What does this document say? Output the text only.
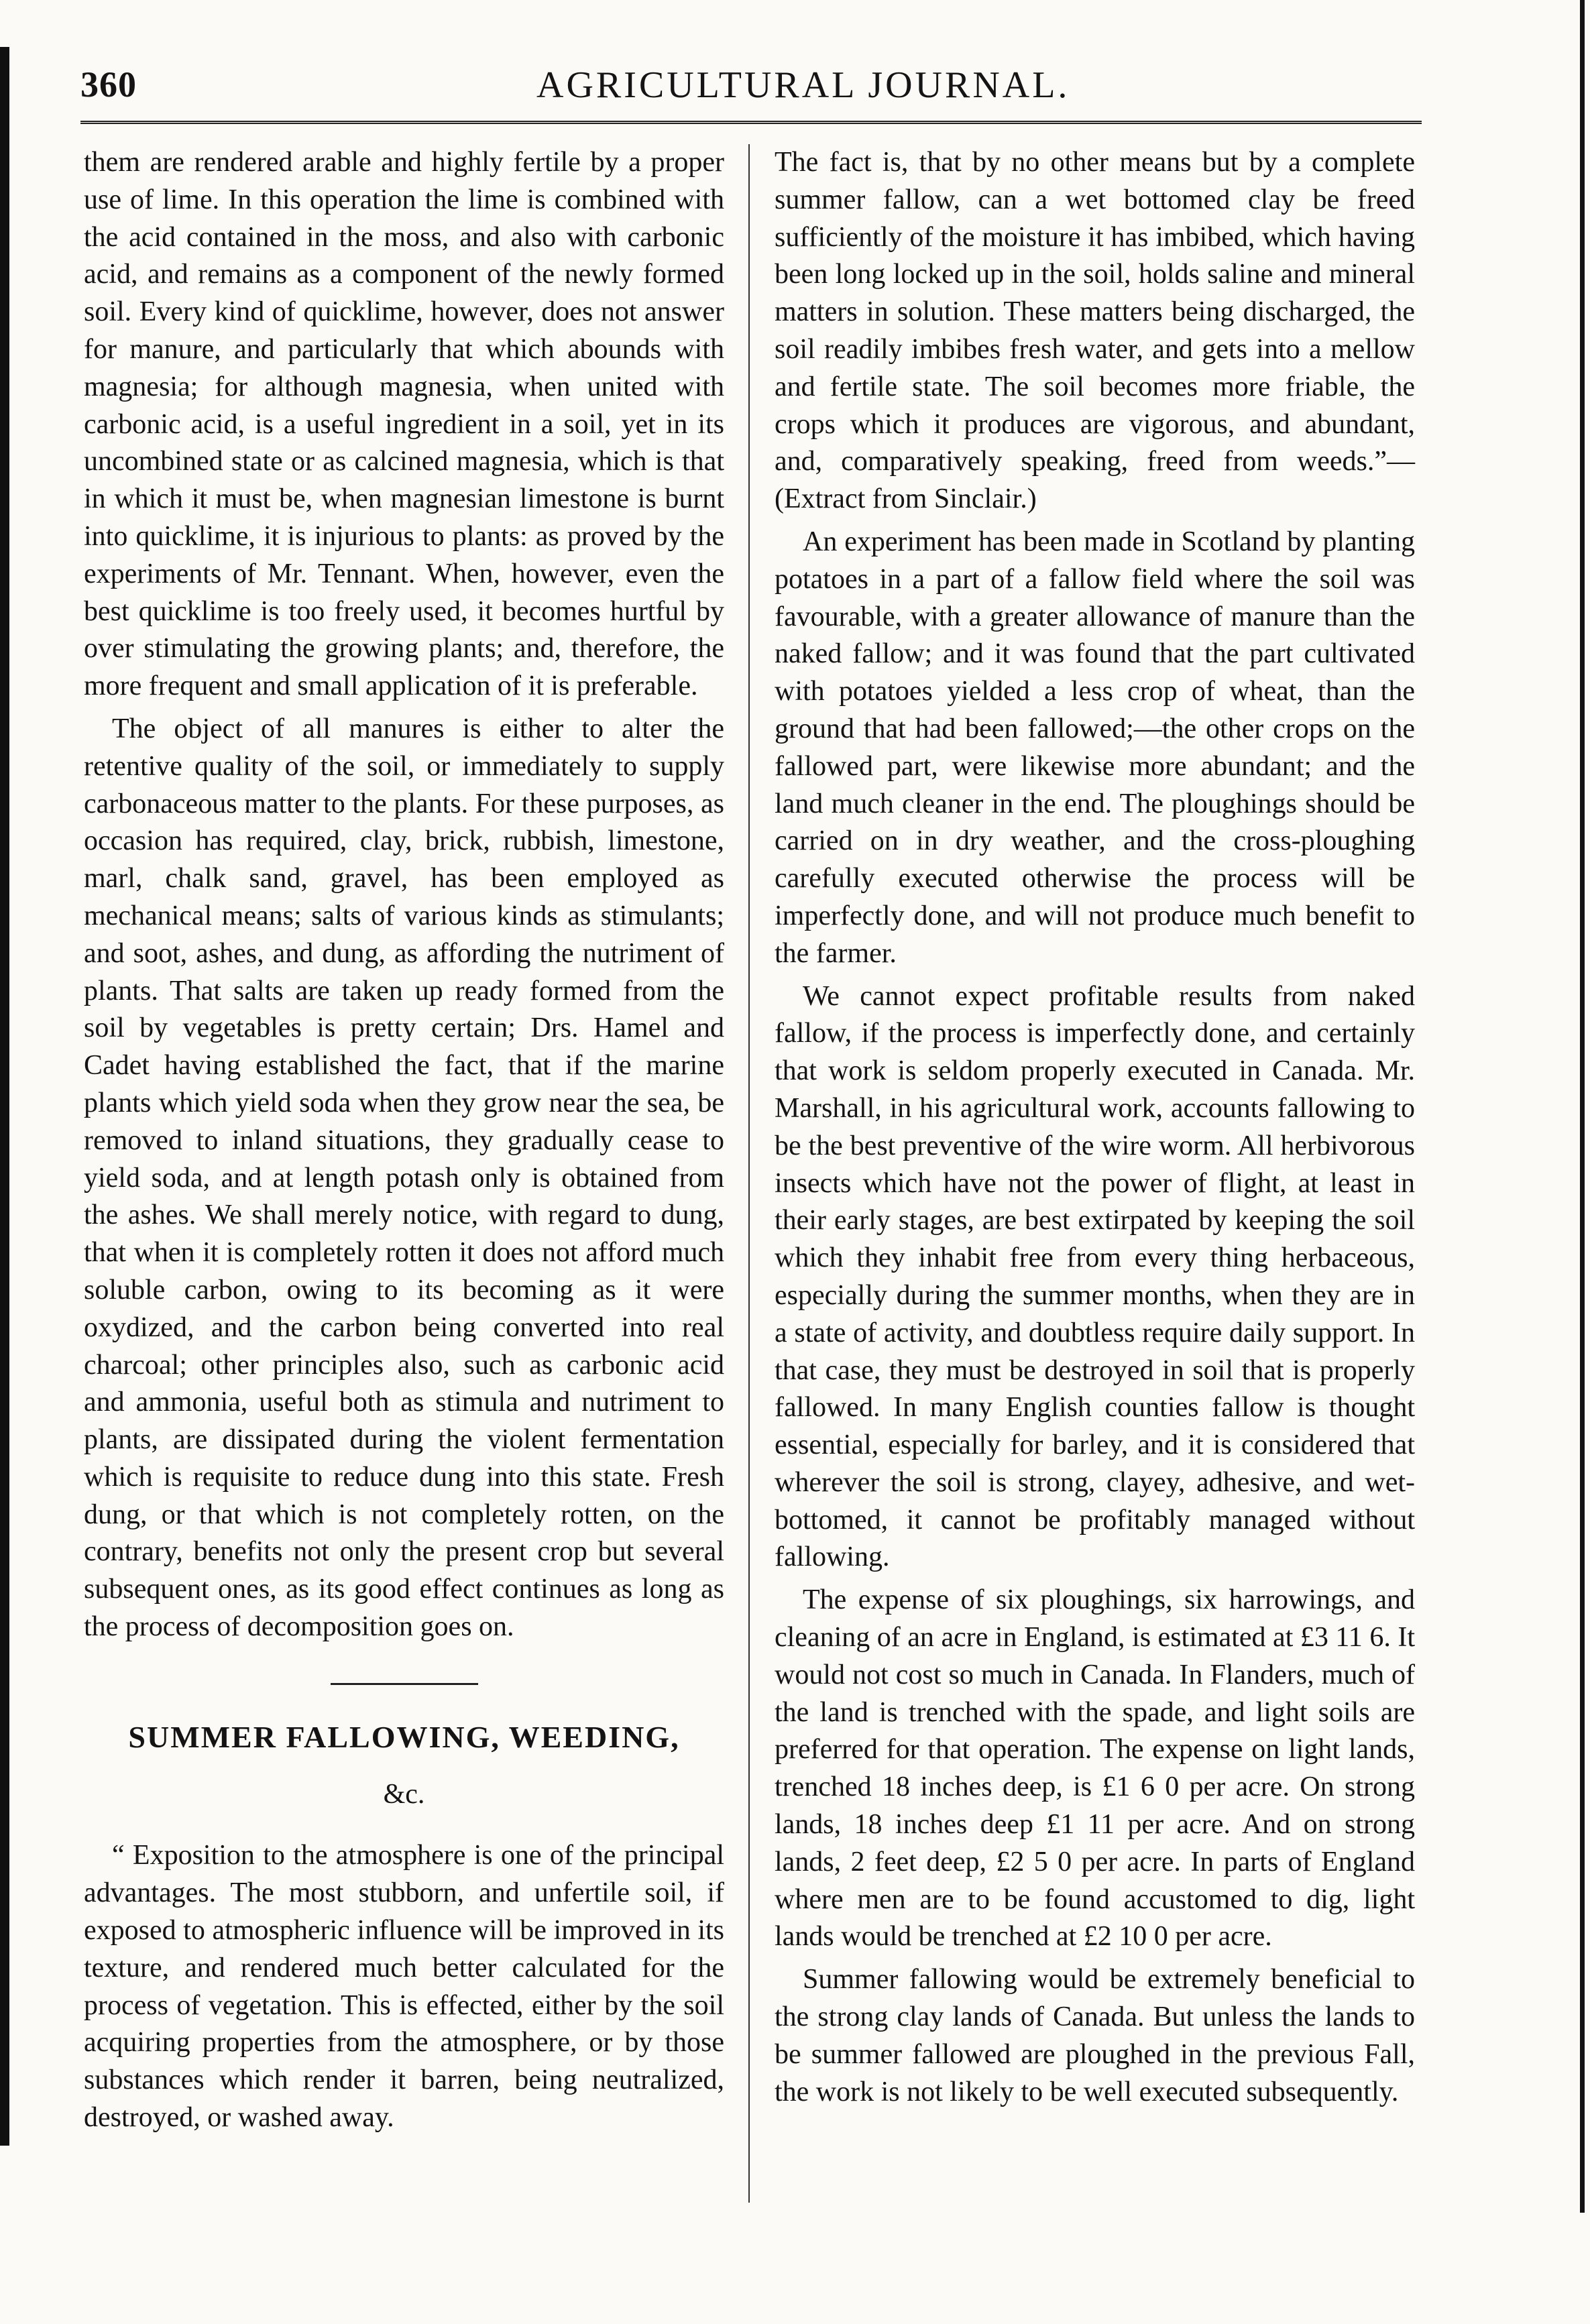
360	AGRICULTURAL JOURNAL.

them are rendered arable and highly fertile by a proper use of lime. In this operation the lime is combined with the acid contained in the moss, and also with carbonic acid, and remains as a component of the newly formed soil. Every kind of quicklime, however, does not answer for manure, and particularly that which abounds with magnesia; for although magnesia, when united with carbonic acid, is a useful ingredient in a soil, yet in its uncombined state or as calcined magnesia, which is that in which it must be, when magnesian limestone is burnt into quicklime, it is injurious to plants: as proved by the experiments of Mr. Tennant. When, however, even the best quicklime is too freely used, it becomes hurtful by over stimulating the growing plants; and, therefore, the more frequent and small application of it is preferable.

The object of all manures is either to alter the retentive quality of the soil, or immediately to supply carbonaceous matter to the plants. For these purposes, as occasion has required, clay, brick, rubbish, limestone, marl, chalk sand, gravel, has been employed as mechanical means; salts of various kinds as stimulants; and soot, ashes, and dung, as affording the nutriment of plants. That salts are taken up ready formed from the soil by vegetables is pretty certain; Drs. Hamel and Cadet having established the fact, that if the marine plants which yield soda when they grow near the sea, be removed to inland situations, they gradually cease to yield soda, and at length potash only is obtained from the ashes. We shall merely notice, with regard to dung, that when it is completely rotten it does not afford much soluble carbon, owing to its becoming as it were oxydized, and the carbon being converted into real charcoal; other principles also, such as carbonic acid and ammonia, useful both as stimula and nutriment to plants, are dissipated during the violent fermentation which is requisite to reduce dung into this state. Fresh dung, or that which is not completely rotten, on the contrary, benefits not only the present crop but several subsequent ones, as its good effect continues as long as the process of decomposition goes on.

SUMMER FALLOWING, WEEDING,
&c.

“ Exposition to the atmosphere is one of the principal advantages. The most stubborn, and unfertile soil, if exposed to atmospheric influence will be improved in its texture, and rendered much better calculated for the process of vegetation. This is effected, either by the soil acquiring properties from the atmosphere, or by those substances which render it barren, being neutralized, destroyed, or washed away.

The fact is, that by no other means but by a complete summer fallow, can a wet bottomed clay be freed sufficiently of the moisture it has imbibed, which having been long locked up in the soil, holds saline and mineral matters in solution. These matters being discharged, the soil readily imbibes fresh water, and gets into a mellow and fertile state. The soil becomes more friable, the crops which it produces are vigorous, and abundant, and, comparatively speaking, freed from weeds.”—(Extract from Sinclair.)

An experiment has been made in Scotland by planting potatoes in a part of a fallow field where the soil was favourable, with a greater allowance of manure than the naked fallow; and it was found that the part cultivated with potatoes yielded a less crop of wheat, than the ground that had been fallowed;—the other crops on the fallowed part, were likewise more abundant; and the land much cleaner in the end. The ploughings should be carried on in dry weather, and the cross-ploughing carefully executed otherwise the process will be imperfectly done, and will not produce much benefit to the farmer.

We cannot expect profitable results from naked fallow, if the process is imperfectly done, and certainly that work is seldom properly executed in Canada. Mr. Marshall, in his agricultural work, accounts fallowing to be the best preventive of the wire worm. All herbivorous insects which have not the power of flight, at least in their early stages, are best extirpated by keeping the soil which they inhabit free from every thing herbaceous, especially during the summer months, when they are in a state of activity, and doubtless require daily support. In that case, they must be destroyed in soil that is properly fallowed. In many English counties fallow is thought essential, especially for barley, and it is considered that wherever the soil is strong, clayey, adhesive, and wet-bottomed, it cannot be profitably managed without fallowing.

The expense of six ploughings, six harrowings, and cleaning of an acre in England, is estimated at £3 11 6. It would not cost so much in Canada. In Flanders, much of the land is trenched with the spade, and light soils are preferred for that operation. The expense on light lands, trenched 18 inches deep, is £1 6 0 per acre. On strong lands, 18 inches deep £1 11 per acre. And on strong lands, 2 feet deep, £2 5 0 per acre. In parts of England where men are to be found accustomed to dig, light lands would be trenched at £2 10 0 per acre.

Summer fallowing would be extremely beneficial to the strong clay lands of Canada. But unless the lands to be summer fallowed are ploughed in the previous Fall, the work is not likely to be well executed subsequently.
